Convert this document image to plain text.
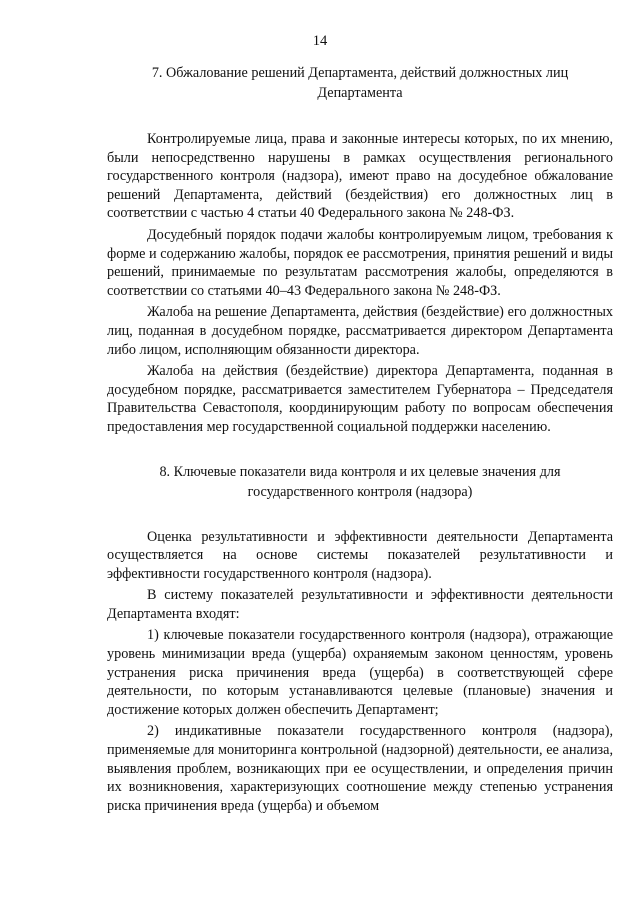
14

7. Обжалование решений Департамента, действий должностных лиц
Департамента

Контролируемые лица, права и законные интересы которых, по их мнению, были непосредственно нарушены в рамках осуществления регионального государственного контроля (надзора), имеют право на досудебное обжалование решений Департамента, действий (бездействия) его должностных лиц в соответствии с частью 4 статьи 40 Федерального закона № 248-ФЗ.

Досудебный порядок подачи жалобы контролируемым лицом, требования к форме и содержанию жалобы, порядок ее рассмотрения, принятия решений и виды решений, принимаемые по результатам рассмотрения жалобы, определяются в соответствии со статьями 40–43 Федерального закона № 248-ФЗ.

Жалоба на решение Департамента, действия (бездействие) его должностных лиц, поданная в досудебном порядке, рассматривается директором Департамента либо лицом, исполняющим обязанности директора.

Жалоба на действия (бездействие) директора Департамента, поданная в досудебном порядке, рассматривается заместителем Губернатора – Председателя Правительства Севастополя, координирующим работу по вопросам обеспечения предоставления мер государственной социальной поддержки населению.

8. Ключевые показатели вида контроля и их целевые значения для
государственного контроля (надзора)

Оценка результативности и эффективности деятельности Департамента осуществляется на основе системы показателей результативности и эффективности государственного контроля (надзора).

В систему показателей результативности и эффективности деятельности Департамента входят:

1) ключевые показатели государственного контроля (надзора), отражающие уровень минимизации вреда (ущерба) охраняемым законом ценностям, уровень устранения риска причинения вреда (ущерба) в соответствующей сфере деятельности, по которым устанавливаются целевые (плановые) значения и достижение которых должен обеспечить Департамент;

2) индикативные показатели государственного контроля (надзора), применяемые для мониторинга контрольной (надзорной) деятельности, ее анализа, выявления проблем, возникающих при ее осуществлении, и определения причин их возникновения, характеризующих соотношение между степенью устранения риска причинения вреда (ущерба) и объемом
